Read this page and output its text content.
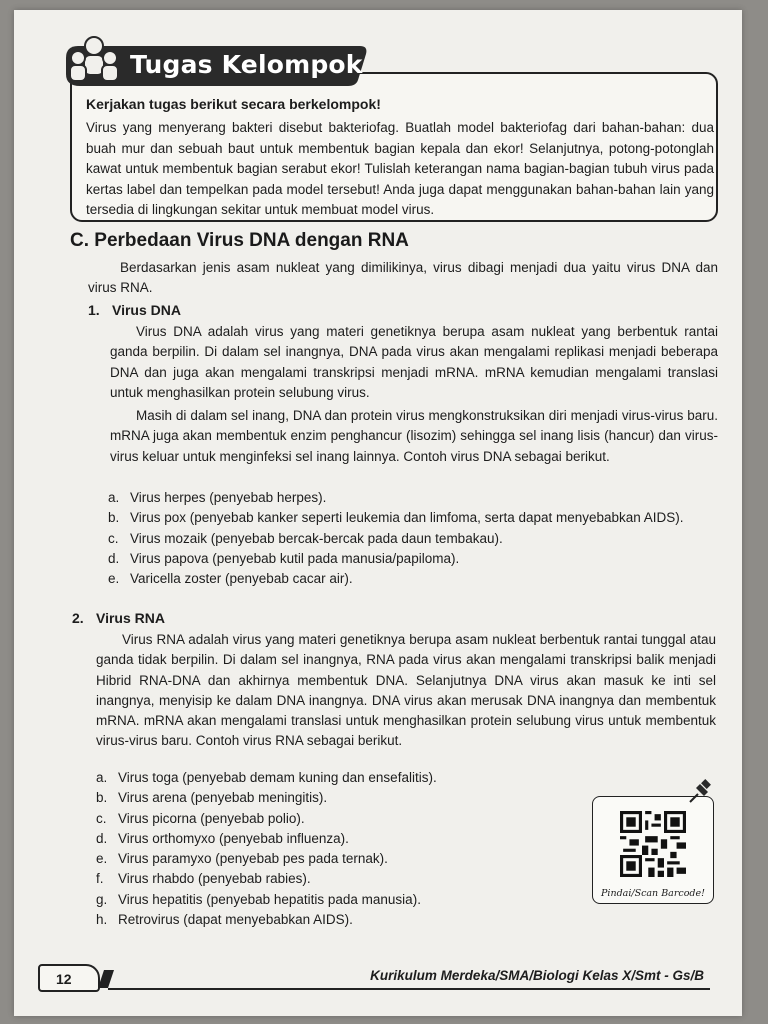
Kerjakan tugas berikut secara berkelompok!
Virus yang menyerang bakteri disebut bakteriofag. Buatlah model bakteriofag dari bahan-bahan: dua buah mur dan sebuah baut untuk membentuk bagian kepala dan ekor! Selanjutnya, potong-potonglah kawat untuk membentuk bagian serabut ekor! Tulislah keterangan nama bagian-bagian tubuh virus pada kertas label dan tempelkan pada model tersebut! Anda juga dapat menggunakan bahan-bahan lain yang tersedia di lingkungan sekitar untuk membuat model virus.
Tugas Kelompok
C. Perbedaan Virus DNA dengan RNA
Berdasarkan jenis asam nukleat yang dimilikinya, virus dibagi menjadi dua yaitu virus DNA dan virus RNA.
1. Virus DNA
Virus DNA adalah virus yang materi genetiknya berupa asam nukleat yang berbentuk rantai ganda berpilin. Di dalam sel inangnya, DNA pada virus akan mengalami replikasi menjadi beberapa DNA dan juga akan mengalami transkripsi menjadi mRNA. mRNA kemudian mengalami translasi untuk menghasilkan protein selubung virus.
Masih di dalam sel inang, DNA dan protein virus mengkonstruksikan diri menjadi virus-virus baru. mRNA juga akan membentuk enzim penghancur (lisozim) sehingga sel inang lisis (hancur) dan virus-virus keluar untuk menginfeksi sel inang lainnya. Contoh virus DNA sebagai berikut.
a. Virus herpes (penyebab herpes).
b. Virus pox (penyebab kanker seperti leukemia dan limfoma, serta dapat menyebabkan AIDS).
c. Virus mozaik (penyebab bercak-bercak pada daun tembakau).
d. Virus papova (penyebab kutil pada manusia/papiloma).
e. Varicella zoster (penyebab cacar air).
2. Virus RNA
Virus RNA adalah virus yang materi genetiknya berupa asam nukleat berbentuk rantai tunggal atau ganda tidak berpilin. Di dalam sel inangnya, RNA pada virus akan mengalami transkripsi balik menjadi Hibrid RNA-DNA dan akhirnya membentuk DNA. Selanjutnya DNA virus akan masuk ke inti sel inangnya, menyisip ke dalam DNA inangnya. DNA virus akan merusak DNA inangnya dan membentuk mRNA. mRNA akan mengalami translasi untuk menghasilkan protein selubung virus untuk membentuk virus-virus baru. Contoh virus RNA sebagai berikut.
a. Virus toga (penyebab demam kuning dan ensefalitis).
b. Virus arena (penyebab meningitis).
c. Virus picorna (penyebab polio).
d. Virus orthomyxo (penyebab influenza).
e. Virus paramyxo (penyebab pes pada ternak).
f. Virus rhabdo (penyebab rabies).
g. Virus hepatitis (penyebab hepatitis pada manusia).
h. Retrovirus (dapat menyebabkan AIDS).
Pindai/Scan Barcode!
12	Kurikulum Merdeka/SMA/Biologi Kelas X/Smt - Gs/B
